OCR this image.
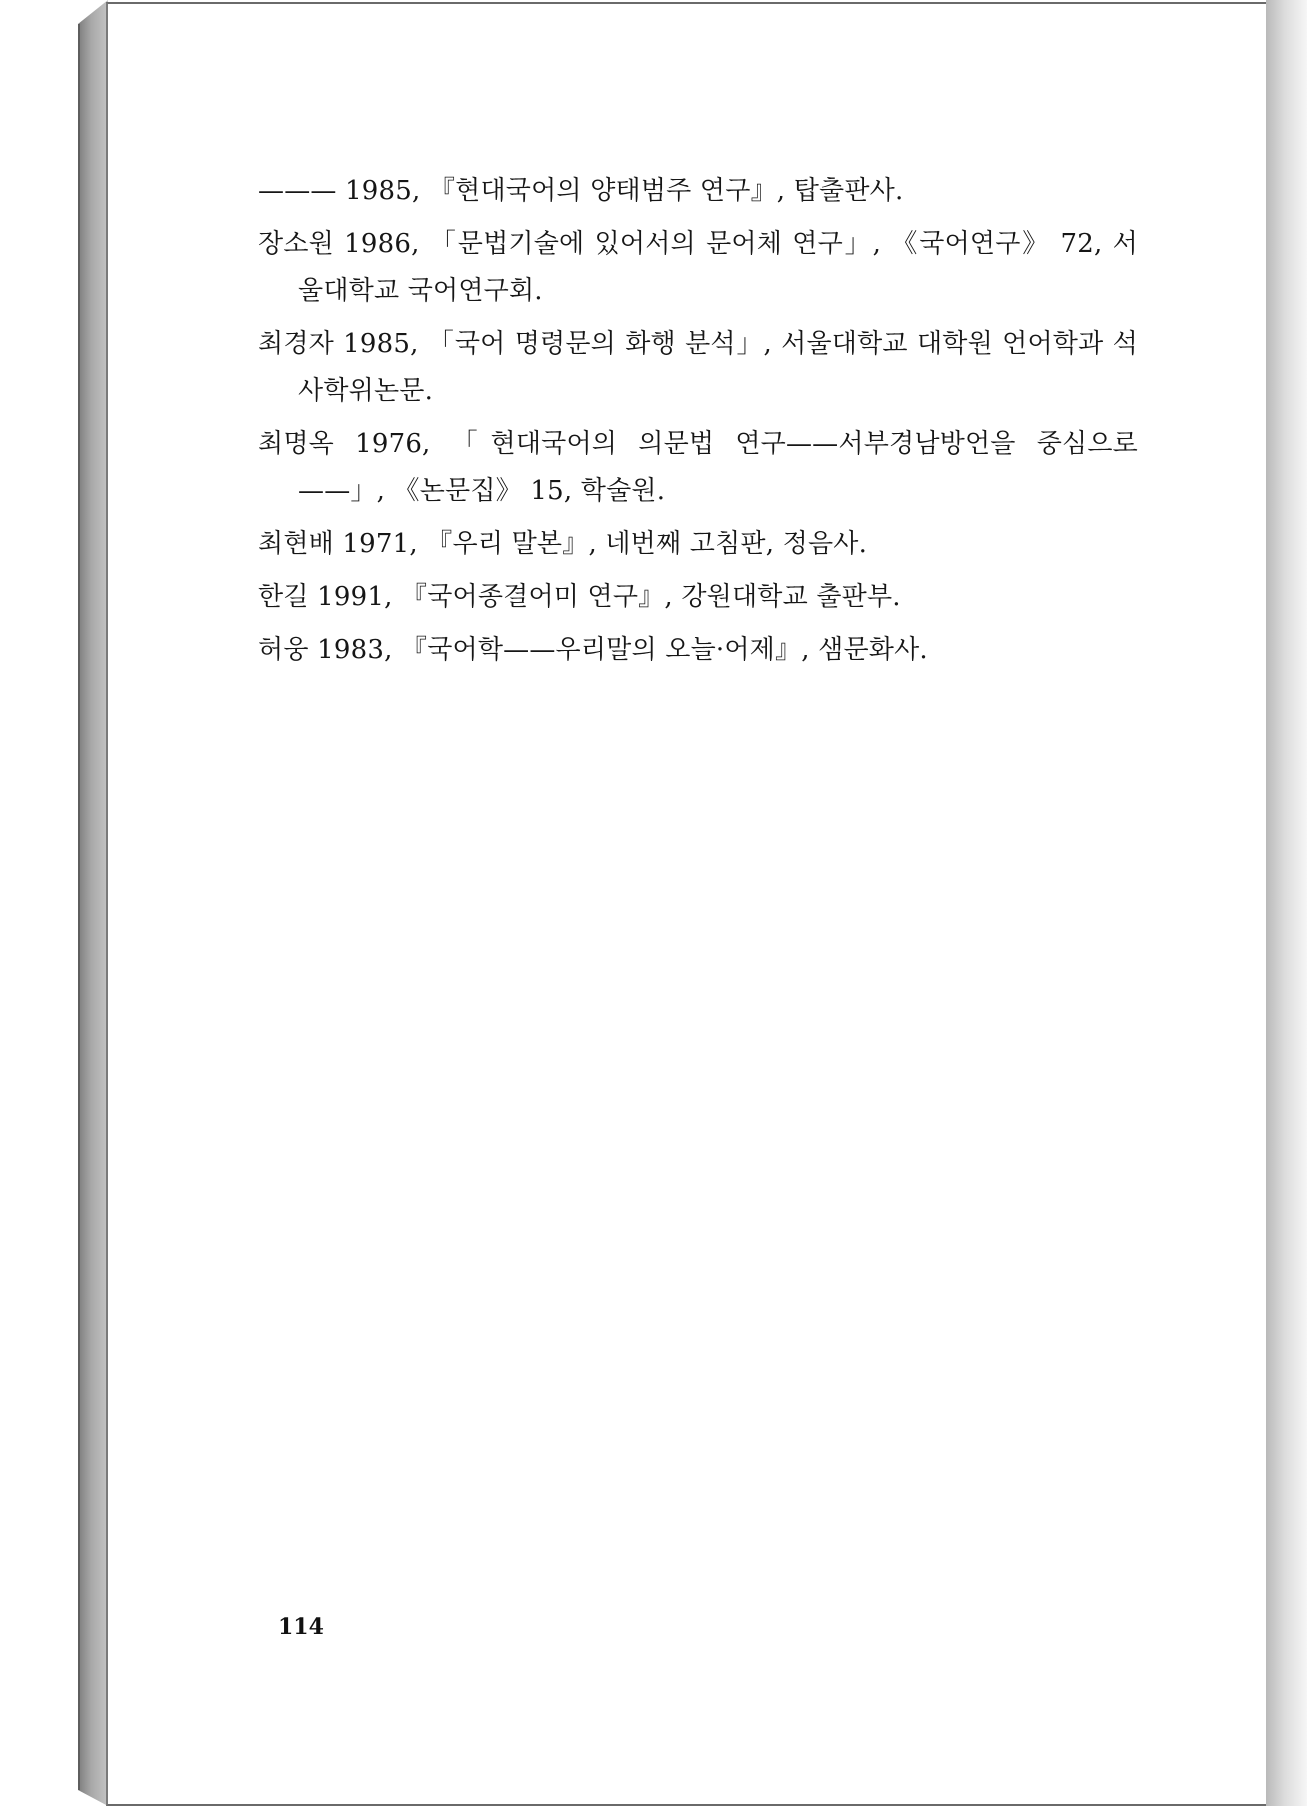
——— 1985, 『현대국어의 양태범주 연구』, 탑출판사.

장소원 1986, 「문법기술에 있어서의 문어체 연구」, 《국어연구》 72, 서울대학교 국어연구회.

최경자 1985, 「국어 명령문의 화행 분석」, 서울대학교 대학원 언어학과 석사학위논문.

최명옥 1976, 「현대국어의 의문법 연구——서부경남방언을 중심으로——」, 《논문집》 15, 학술원.

최현배 1971, 『우리 말본』, 네번째 고침판, 정음사.

한길 1991, 『국어종결어미 연구』, 강원대학교 출판부.

허웅 1983, 『국어학——우리말의 오늘·어제』, 샘문화사.

114
